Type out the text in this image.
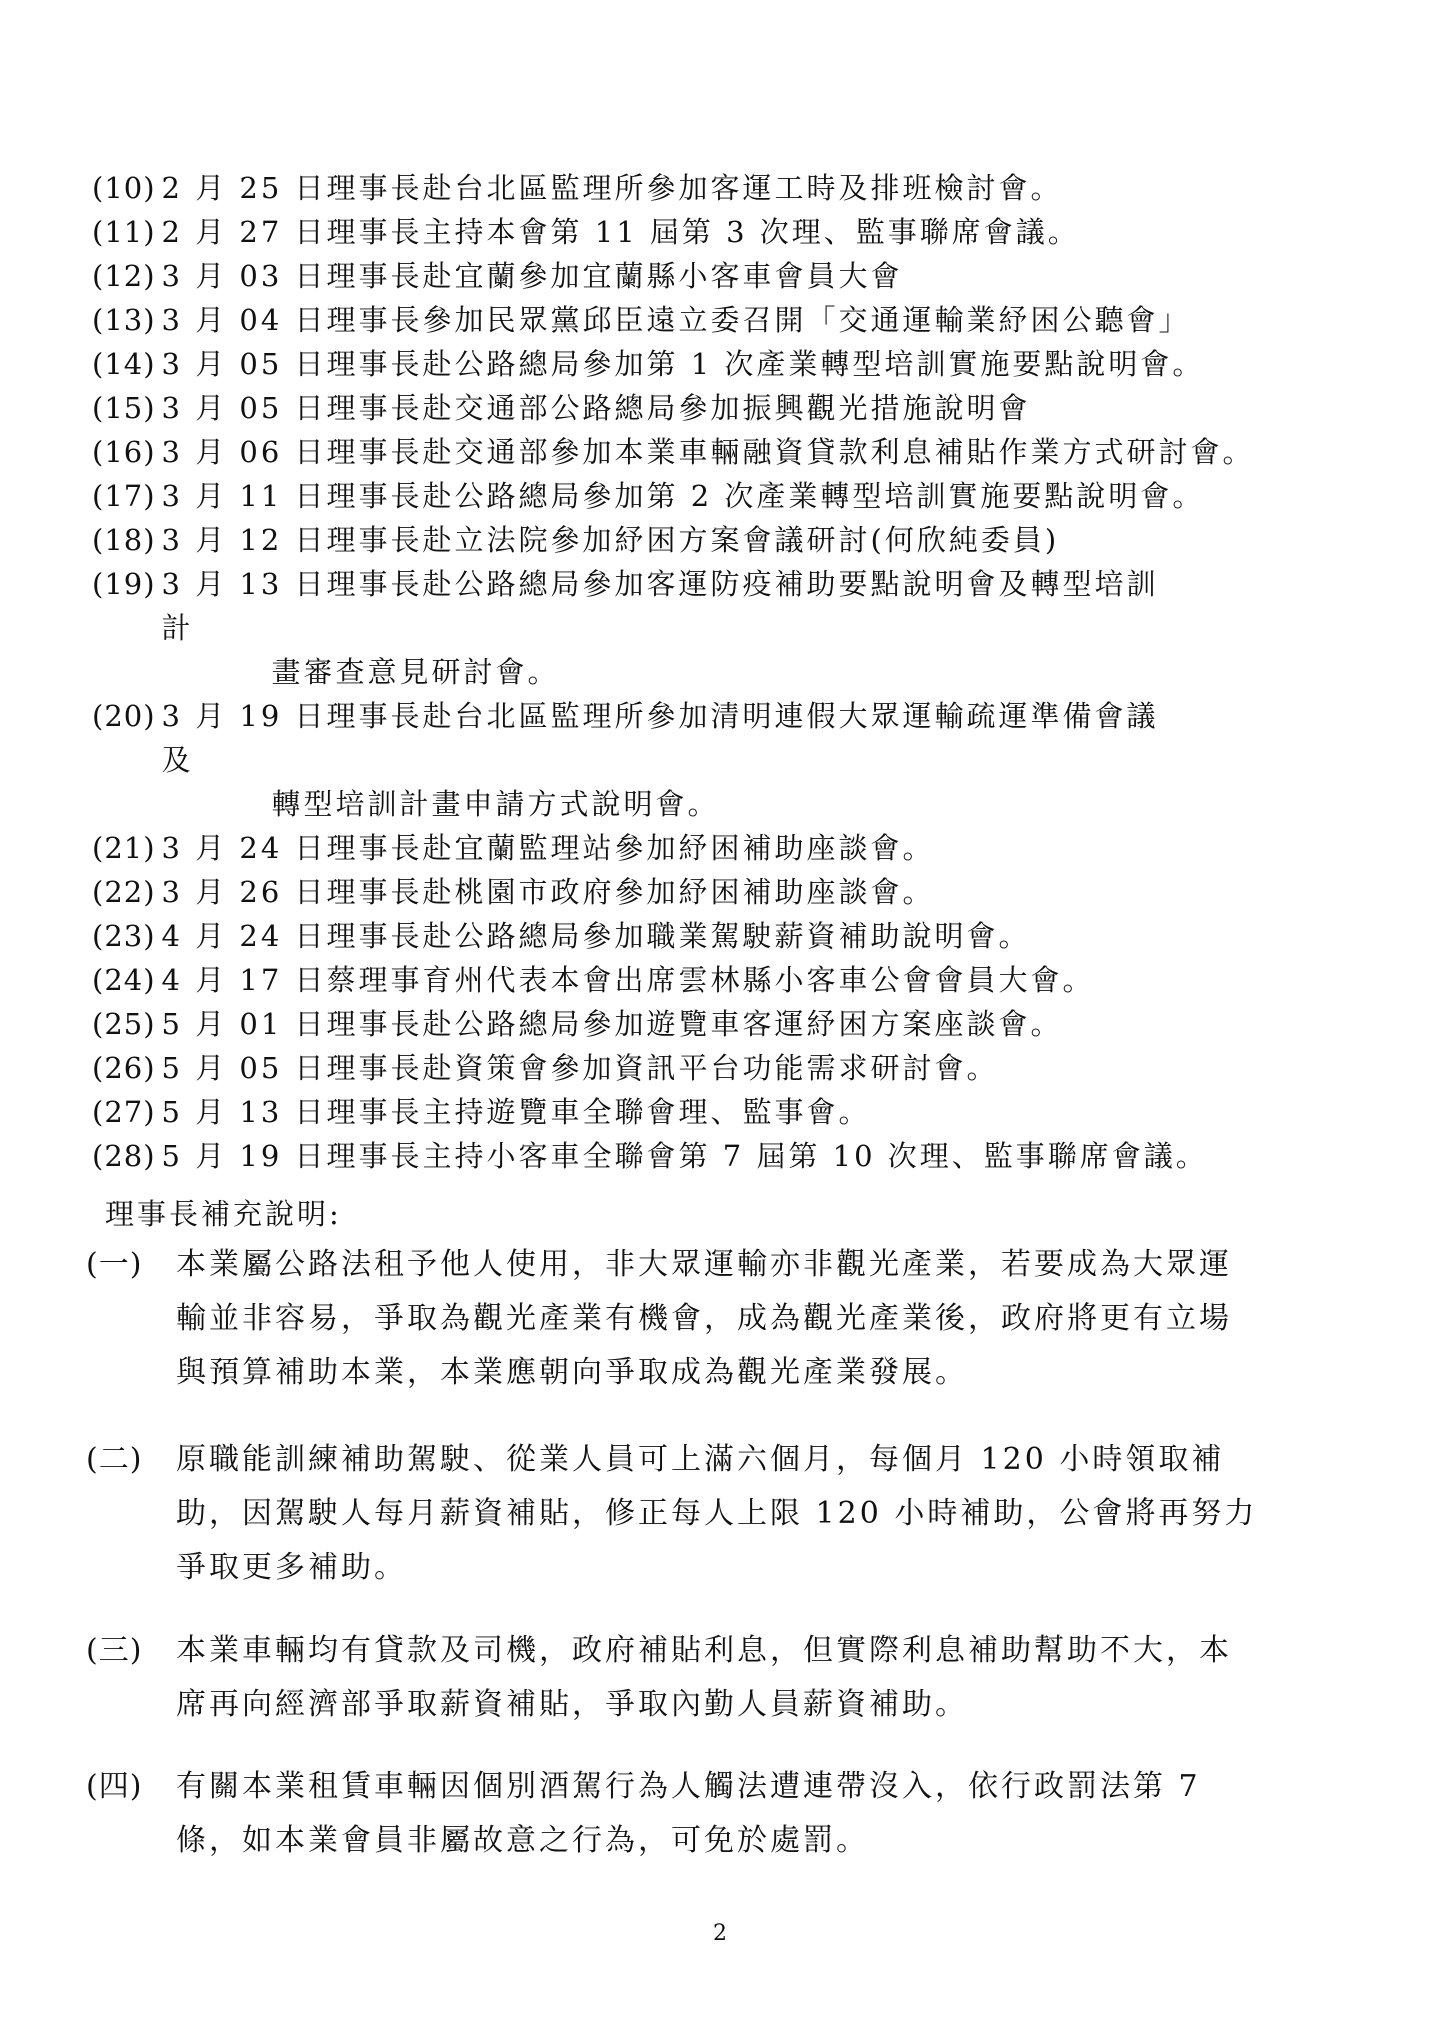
(10) 2 月 25 日理事長赴台北區監理所參加客運工時及排班檢討會。
(11) 2 月 27 日理事長主持本會第 11 屆第 3 次理、監事聯席會議。
(12) 3 月 03 日理事長赴宜蘭參加宜蘭縣小客車會員大會
(13) 3 月 04 日理事長參加民眾黨邱臣遠立委召開「交通運輸業紓困公聽會」
(14) 3 月 05 日理事長赴公路總局參加第 1 次產業轉型培訓實施要點說明會。
(15) 3 月 05 日理事長赴交通部公路總局參加振興觀光措施說明會
(16) 3 月 06 日理事長赴交通部參加本業車輛融資貸款利息補貼作業方式研討會。
(17) 3 月 11 日理事長赴公路總局參加第 2 次產業轉型培訓實施要點說明會。
(18) 3 月 12 日理事長赴立法院參加紓困方案會議研討(何欣純委員)
(19) 3 月 13 日理事長赴公路總局參加客運防疫補助要點說明會及轉型培訓計
畫審查意見研討會。
(20) 3 月 19 日理事長赴台北區監理所參加清明連假大眾運輸疏運準備會議及
轉型培訓計畫申請方式說明會。
(21) 3 月 24 日理事長赴宜蘭監理站參加紓困補助座談會。
(22) 3 月 26 日理事長赴桃園市政府參加紓困補助座談會。
(23) 4 月 24 日理事長赴公路總局參加職業駕駛薪資補助說明會。
(24) 4 月 17 日蔡理事育州代表本會出席雲林縣小客車公會會員大會。
(25) 5 月 01 日理事長赴公路總局參加遊覽車客運紓困方案座談會。
(26) 5 月 05 日理事長赴資策會參加資訊平台功能需求研討會。
(27) 5 月 13 日理事長主持遊覽車全聯會理、監事會。
(28) 5 月 19 日理事長主持小客車全聯會第 7 屆第 10 次理、監事聯席會議。
理事長補充說明:
(一)	本業屬公路法租予他人使用，非大眾運輸亦非觀光產業，若要成為大眾運
輸並非容易，爭取為觀光產業有機會，成為觀光產業後，政府將更有立場
與預算補助本業，本業應朝向爭取成為觀光產業發展。
(二)	原職能訓練補助駕駛、從業人員可上滿六個月，每個月 120 小時領取補
助，因駕駛人每月薪資補貼，修正每人上限 120 小時補助，公會將再努力
爭取更多補助。
(三)	本業車輛均有貸款及司機，政府補貼利息，但實際利息補助幫助不大，本
席再向經濟部爭取薪資補貼，爭取內勤人員薪資補助。
(四)	有關本業租賃車輛因個別酒駕行為人觸法遭連帶沒入，依行政罰法第 7
條，如本業會員非屬故意之行為，可免於處罰。
2
